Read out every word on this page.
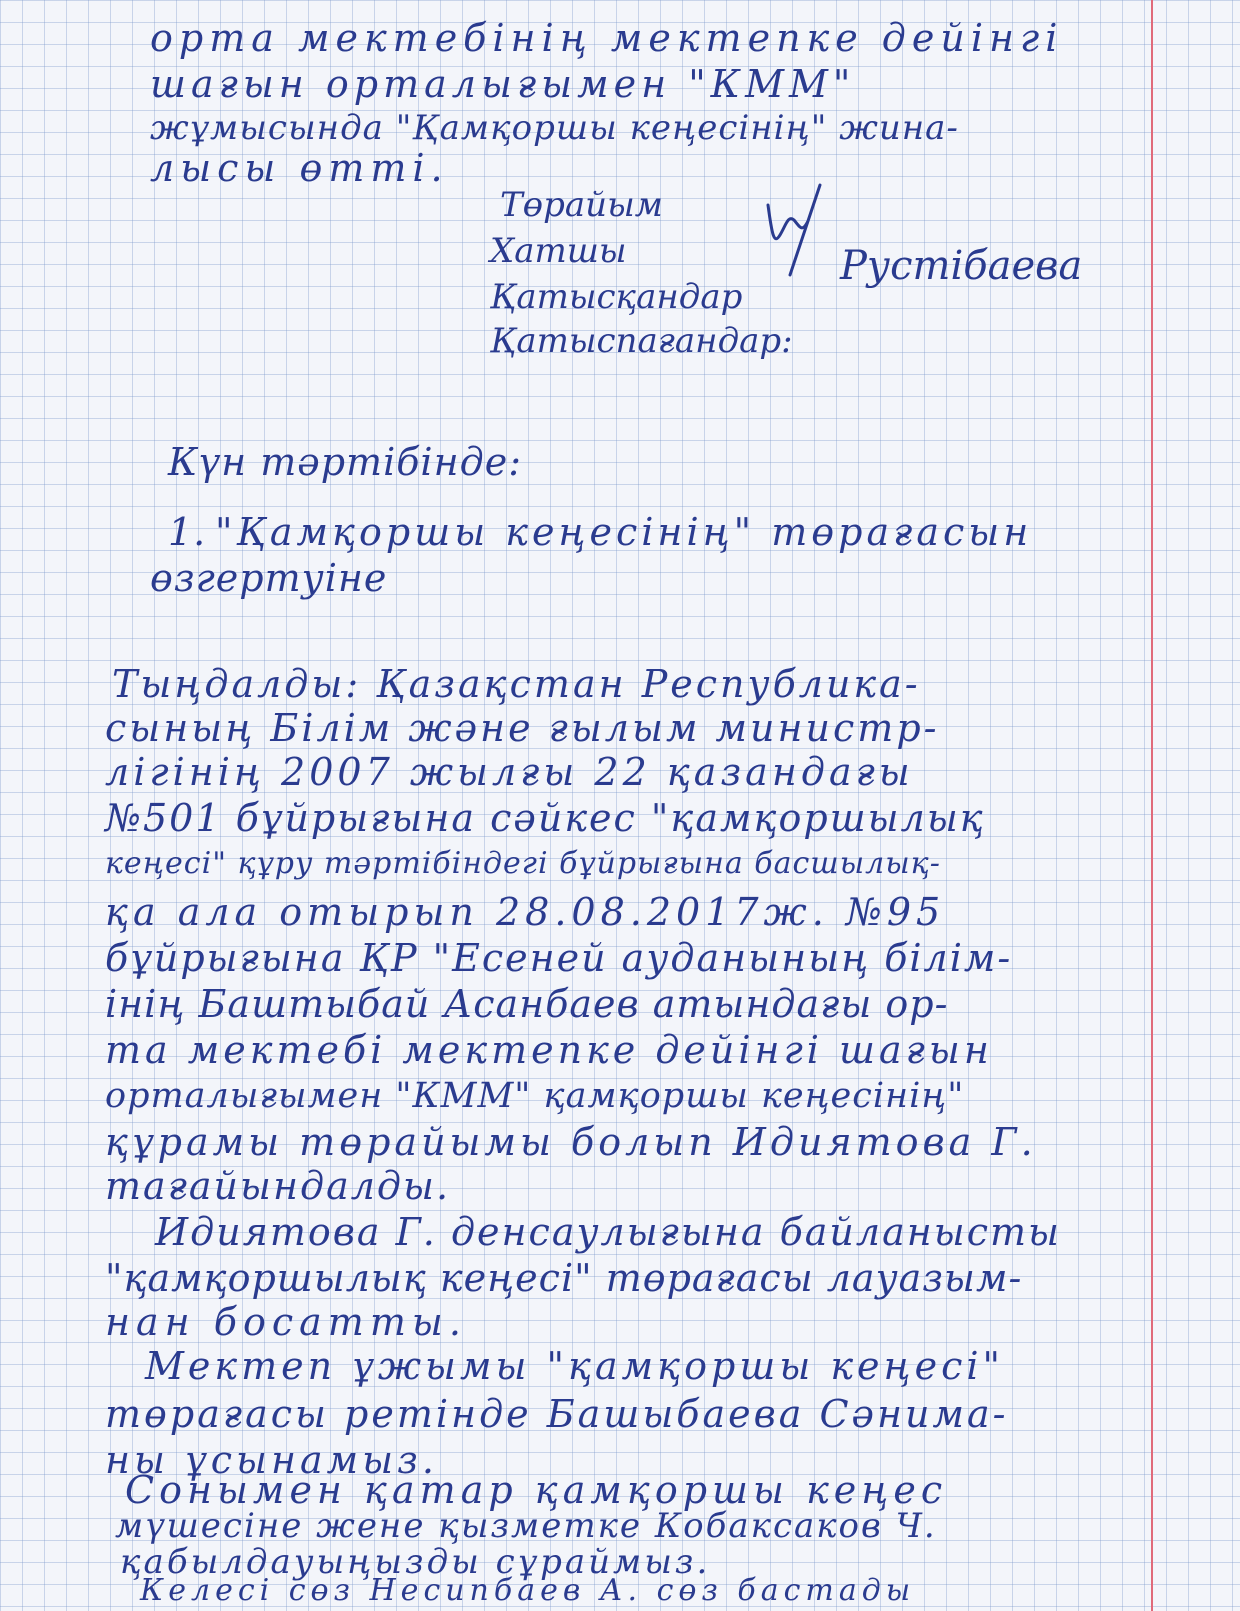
орта мектебінің мектепке дейінгі
шағын орталығымен "КММ"
жұмысында "Қамқоршы кеңесінің" жина-
лысы өтті.
Төрайым
Хатшы
Қатысқандар
Қатыспағандар:
Рустібаева
Күн тәртібінде:
1. "Қамқоршы кеңесінің" төрағасын
өзгертуіне
Тыңдалды: Қазақстан Республика-
сының Білім және ғылым министр-
лігінің 2007 жылғы 22 қазандағы
№501 бұйрығына сәйкес "қамқоршылық
кеңесі" құру тәртібіндегі бұйрығына басшылық-
қа ала отырып 28.08.2017ж. №95
бұйрығына ҚР "Есеней ауданының білім-
інің Баштыбай Асанбаев атындағы ор-
та мектебі мектепке дейінгі шағын
орталығымен "КММ" қамқоршы кеңесінің"
құрамы төрайымы болып Идиятова Г.
тағайындалды.
Идиятова Г. денсаулығына байланысты
"қамқоршылық кеңесі" төрағасы лауазым-
нан босатты.
Мектеп ұжымы "қамқоршы кеңесі"
төрағасы ретінде Башыбаева Сәнима-
ны ұсынамыз.
Сонымен қатар қамқоршы кеңес
мүшесіне жене қызметке Кобаксаков Ч.
қабылдауыңызды сұраймыз.
Келесі сөз Несипбаев А. сөз бастады
